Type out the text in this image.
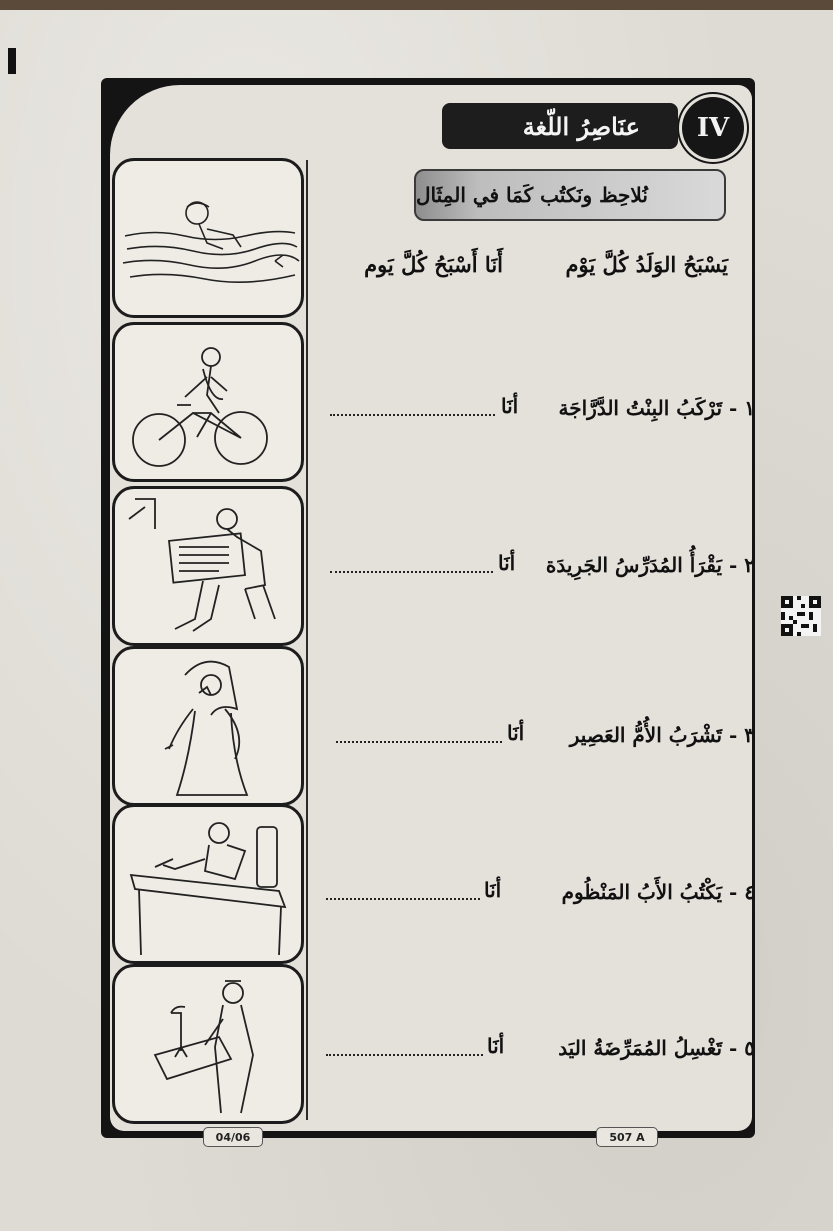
IV
عنَاصِرُ اللّغة
نُلاحِظ ونَكتُب كَمَا في المِثَال
يَسْبَحُ الوَلَدُ كُلَّ يَوْم
أَنَا أَسْبَحُ كُلَّ يَوم
١ - تَرْكَبُ البِنْتُ الدَّرَّاجَة
أنَا
٢ - يَقْرَأُ المُدَرِّسُ الجَرِيدَة
أنَا
٣ - تَشْرَبُ الأُمُّ العَصِير
أنَا
٤ - يَكْتُبُ الأَبُ المَنْظُوم
أنَا
٥ - تَغْسِلُ المُمَرِّضَةُ اليَد
أنَا
04/06	507 A
